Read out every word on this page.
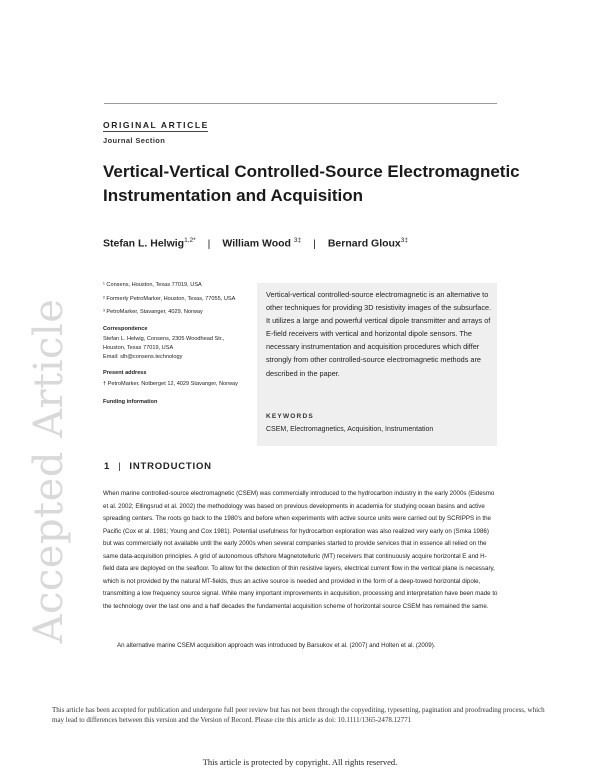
Accepted Article
ORIGINAL ARTICLE
Journal Section
Vertical-Vertical Controlled-Source Electromagnetic Instrumentation and Acquisition
Stefan L. Helwig$^{1,2*}$ | William Wood $^{3\ddagger}$ | Bernard Gloux$^{3\ddagger}$

¹ Consens, Houston, Texas 77019, USA

² Formerly PetroMarker, Houston, Texas, 77055, USA

³ PetroMarker, Stavanger, 4029, Norway

Correspondence

Stefan L. Helwig, Consens, 2305 Woodhead Str., Houston, Texas 77019, USA

Email: slh@consens.technology

Present address

† PetroMarker, Notberget 12, 4029 Stavanger, Norway

Funding information

Vertical-vertical controlled-source electromagnetic is an alternative to other techniques for providing 3D resistivity images of the subsurface. It utilizes a large and powerful vertical dipole transmitter and arrays of E-field receivers with vertical and horizontal dipole sensors. The necessary instrumentation and acquisition procedures which differ strongly from other controlled-source electromagnetic methods are described in the paper.
KEYWORDS
CSEM, Electromagnetics, Acquisition, Instrumentation
1 | INTRODUCTION

When marine controlled-source electromagnetic (CSEM) was commercially introduced to the hydrocarbon industry in the early 2000s (Eidesmo et al. 2002; Ellingsrud et al. 2002) the methodology was based on previous developments in academia for studying ocean basins and active spreading centers. The roots go back to the 1980's and before when experiments with active source units were carried out by SCRIPPS in the Pacific (Cox et al. 1981; Young and Cox 1981). Potential usefulness for hydrocarbon exploration was also realized very early on (Smka 1986) but was commercially not available until the early 2000s when several companies started to provide services that in essence all relied on the same data-acquisition principles. A grid of autonomous offshore Magnetotelluric (MT) receivers that continuously acquire horizontal E and H-field data are deployed on the seafloor. To allow for the detection of thin resistive layers, electrical current flow in the vertical plane is necessary, which is not provided by the natural MT-fields, thus an active source is needed and provided in the form of a deep-towed horizontal dipole, transmitting a low frequency source signal. While many important improvements in acquisition, processing and interpretation have been made to the technology over the last one and a half decades the fundamental acquisition scheme of horizontal source CSEM has remained the same.

An alternative marine CSEM acquisition approach was introduced by Barsukov et al. (2007) and Holten et al. (2009).

This article has been accepted for publication and undergone full peer review but has not been through the copyediting, typesetting, pagination and proofreading process, which may lead to differences between this version and the Version of Record. Please cite this article as doi: 10.1111/1365-2478.12771
This article is protected by copyright. All rights reserved.
